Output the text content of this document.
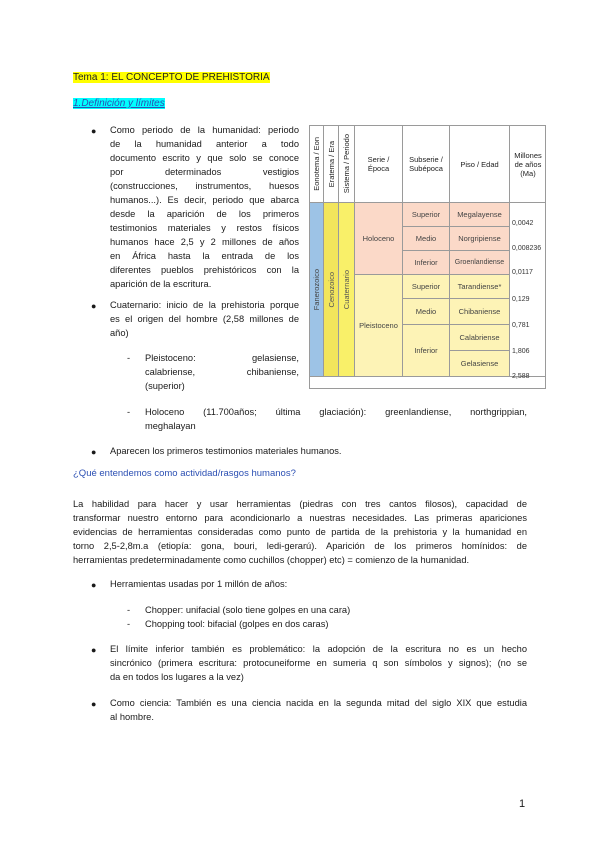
Tema 1: EL CONCEPTO DE PREHISTORIA
1.Definición y límites
● Como periodo de la humanidad: periodo
de la humanidad anterior a todo
documento escrito y que solo se conoce
por determinados vestigios
(construcciones, instrumentos, huesos
humanos...). Es decir, periodo que abarca
desde la aparición de los primeros
testimonios materiales y restos físicos
humanos hace 2,5 y 2 millones de años
en África hasta la entrada de los
diferentes pueblos prehistóricos con la
aparición de la escritura.
● Cuaternario: inicio de la prehistoria porque
es el origen del hombre (2,58 millones de
año)
- Pleistoceno: gelasiense,
calabriense, chibaniense,
(superior)
- Holoceno (11.700años; última glaciación): greenlandiense, northgrippian,
meghalayan
● Aparecen los primeros testimonios materiales humanos.
¿Qué entendemos como actividad/rasgos humanos?
La habilidad para hacer y usar herramientas (piedras con tres cantos filosos), capacidad de
transformar nuestro entorno para acondicionarlo a nuestras necesidades. Las primeras apariciones
evidencias de herramientas consideradas como punto de partida de la prehistoria y la humanidad en
torno 2,5-2,8m.a (etiopía: gona, bouri, ledi-gerarú). Aparición de los primeros homínidos: de
herramientas predeterminadamente como cuchillos (chopper) etc) = comienzo de la humanidad.
● Herramientas usadas por 1 millón de años:
- Chopper: unifacial (solo tiene golpes en una cara)
- Chopping tool: bifacial (golpes en dos caras)
● El límite inferior también es problemático: la adopción de la escritura no es un hecho
sincrónico (primera escritura: protocuneiforme en sumeria q son símbolos y signos); (no se
da en todos los lugares a la vez)
● Como ciencia: También es una ciencia nacida en la segunda mitad del siglo XIX que estudia
al hombre.
1
Eonotema / Eon Eratema / Era Sistema / Periodo	Serie / Época
Subserie / Subépoca	Piso / Edad
Millones de años (Ma)
Fanerozoico Cenozoico Cuaternario
Holoceno
Superior
Medio
Inferior
Megalayense
Norgripiense
Groenlandiense
Pleistoceno
Superior
Medio
Inferior
Tarandiense*
Chibaniense
Calabriense
Gelasiense
0,0042
0,008236
0,0117
0,129
0,781
1,806
2,588
